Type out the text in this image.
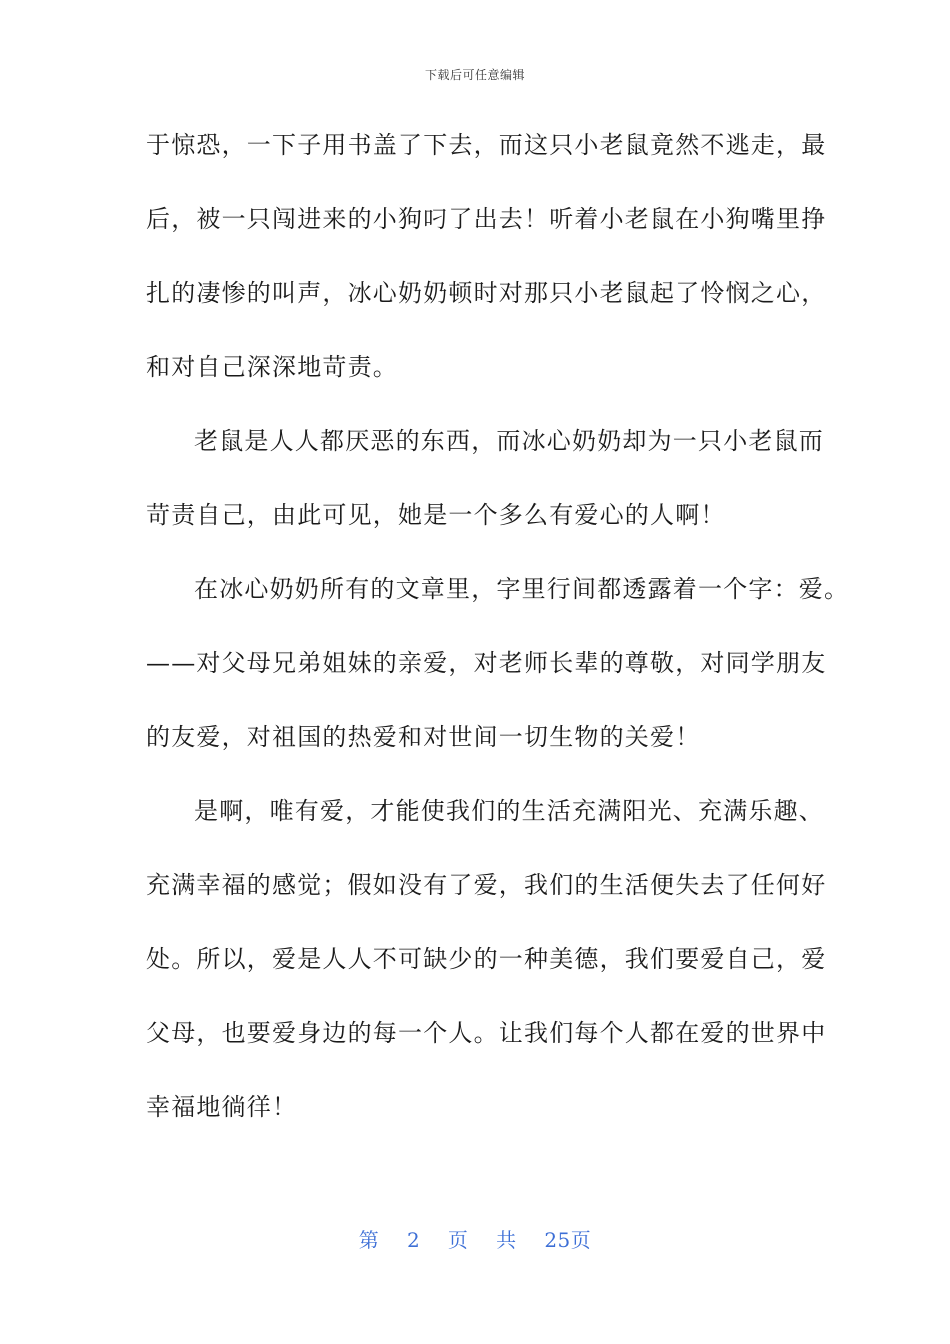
下载后可任意编辑
于惊恐，一下子用书盖了下去，而这只小老鼠竟然不逃走，最
后，被一只闯进来的小狗叼了出去！听着小老鼠在小狗嘴里挣
扎的凄惨的叫声，冰心奶奶顿时对那只小老鼠起了怜悯之心，
和对自己深深地苛责。
老鼠是人人都厌恶的东西，而冰心奶奶却为一只小老鼠而
苛责自己，由此可见，她是一个多么有爱心的人啊！
在冰心奶奶所有的文章里，字里行间都透露着一个字：爱。
——对父母兄弟姐妹的亲爱，对老师长辈的尊敬，对同学朋友
的友爱，对祖国的热爱和对世间一切生物的关爱！
是啊，唯有爱，才能使我们的生活充满阳光、充满乐趣、
充满幸福的感觉；假如没有了爱，我们的生活便失去了任何好
处。所以，爱是人人不可缺少的一种美德，我们要爱自己，爱
父母，也要爱身边的每一个人。让我们每个人都在爱的世界中
幸福地徜徉！
第 2 页 共 25页
